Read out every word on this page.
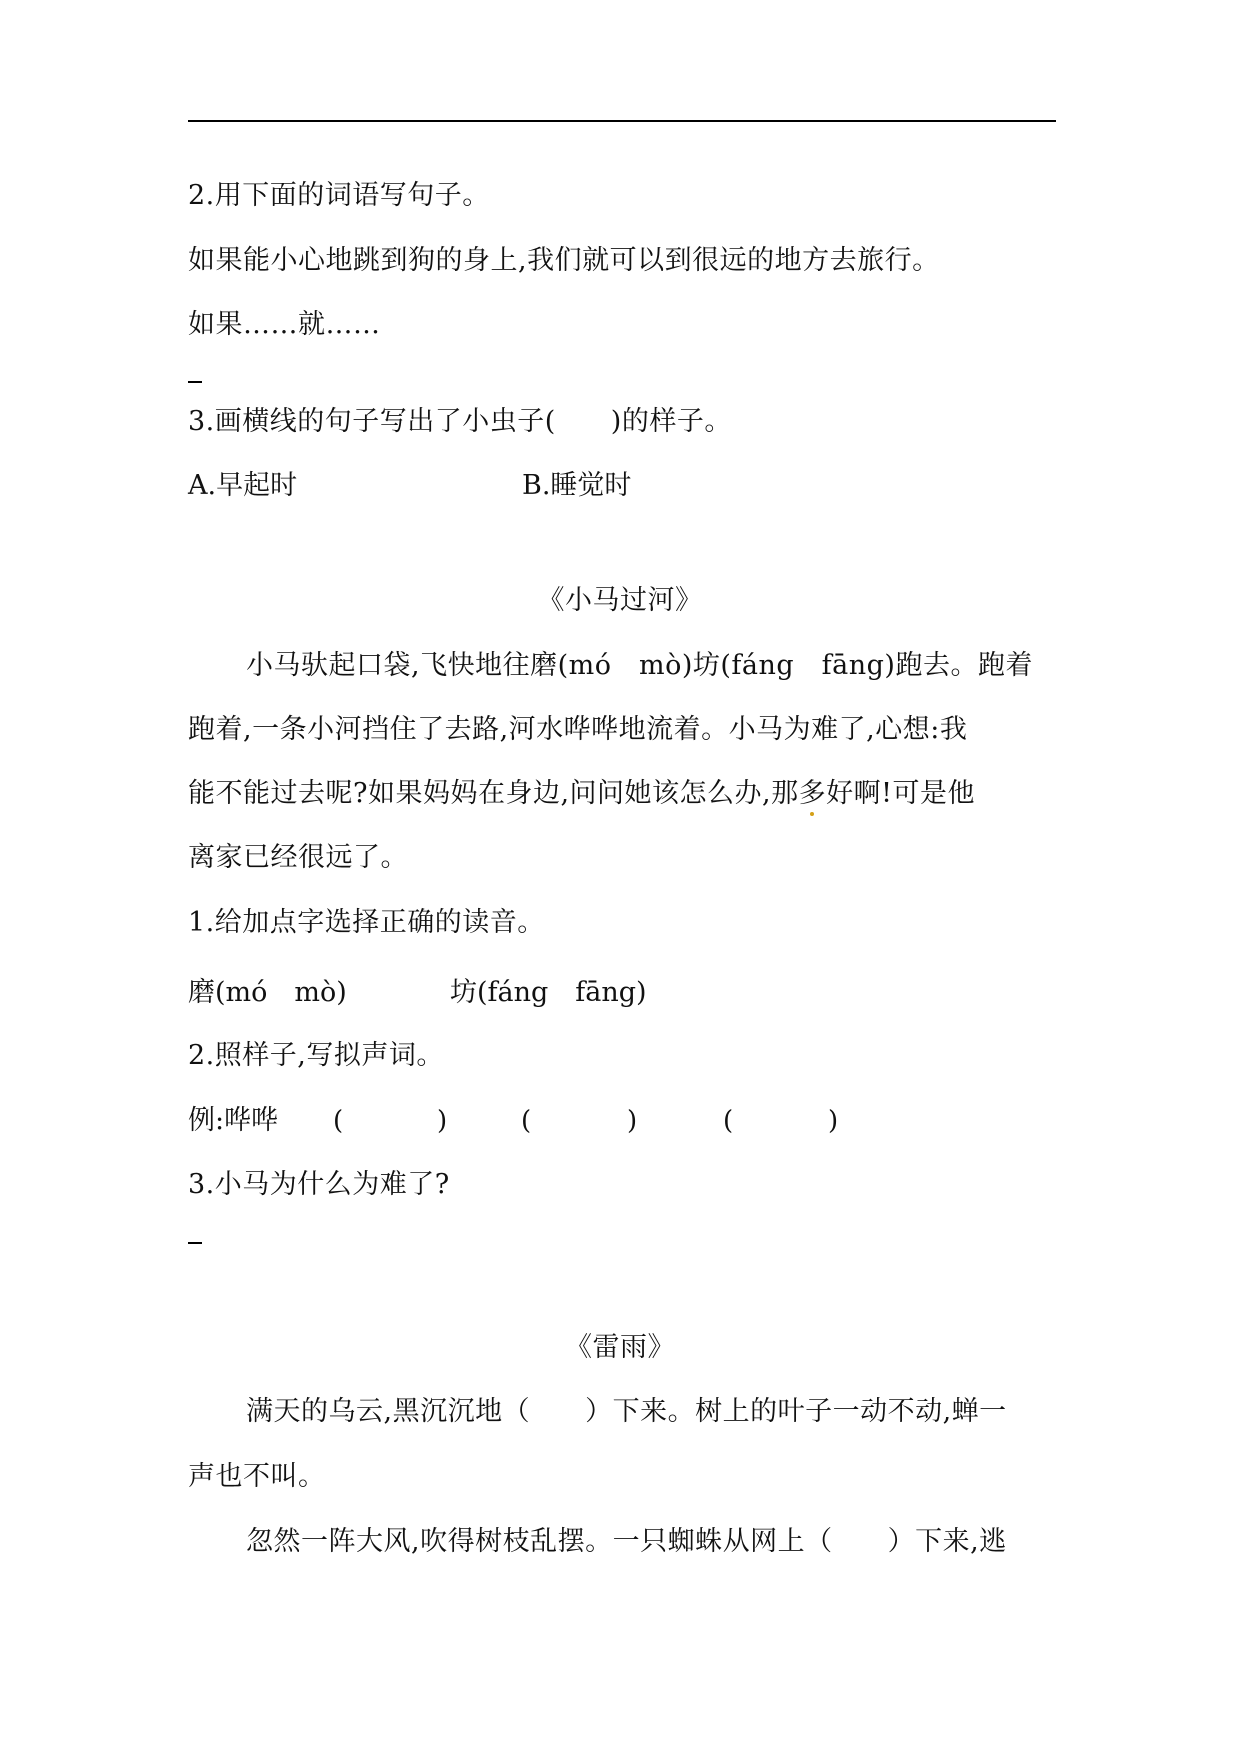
2.用下面的词语写句子。
如果能小心地跳到狗的身上,我们就可以到很远的地方去旅行。
如果……就……
3.画横线的句子写出了小虫子(　　)的样子。
A.早起时	B.睡觉时
《小马过河》
小马驮起口袋,飞快地往磨(mó　mò)坊(fáng　fāng)跑去。跑着
跑着,一条小河挡住了去路,河水哗哗地流着。小马为难了,心想:我
能不能过去呢?如果妈妈在身边,问问她该怎么办,那多好啊!可是他
离家已经很远了。
1.给加点字选择正确的读音。
磨(mó　mò)	坊(fáng　fāng)
2.照样子,写拟声词。
例:哗哗 (	)	(	)	(	)
3.小马为什么为难了?
《雷雨》
满天的乌云,黑沉沉地（　　）下来。树上的叶子一动不动,蝉一
声也不叫。
忽然一阵大风,吹得树枝乱摆。一只蜘蛛从网上（　　）下来,逃
